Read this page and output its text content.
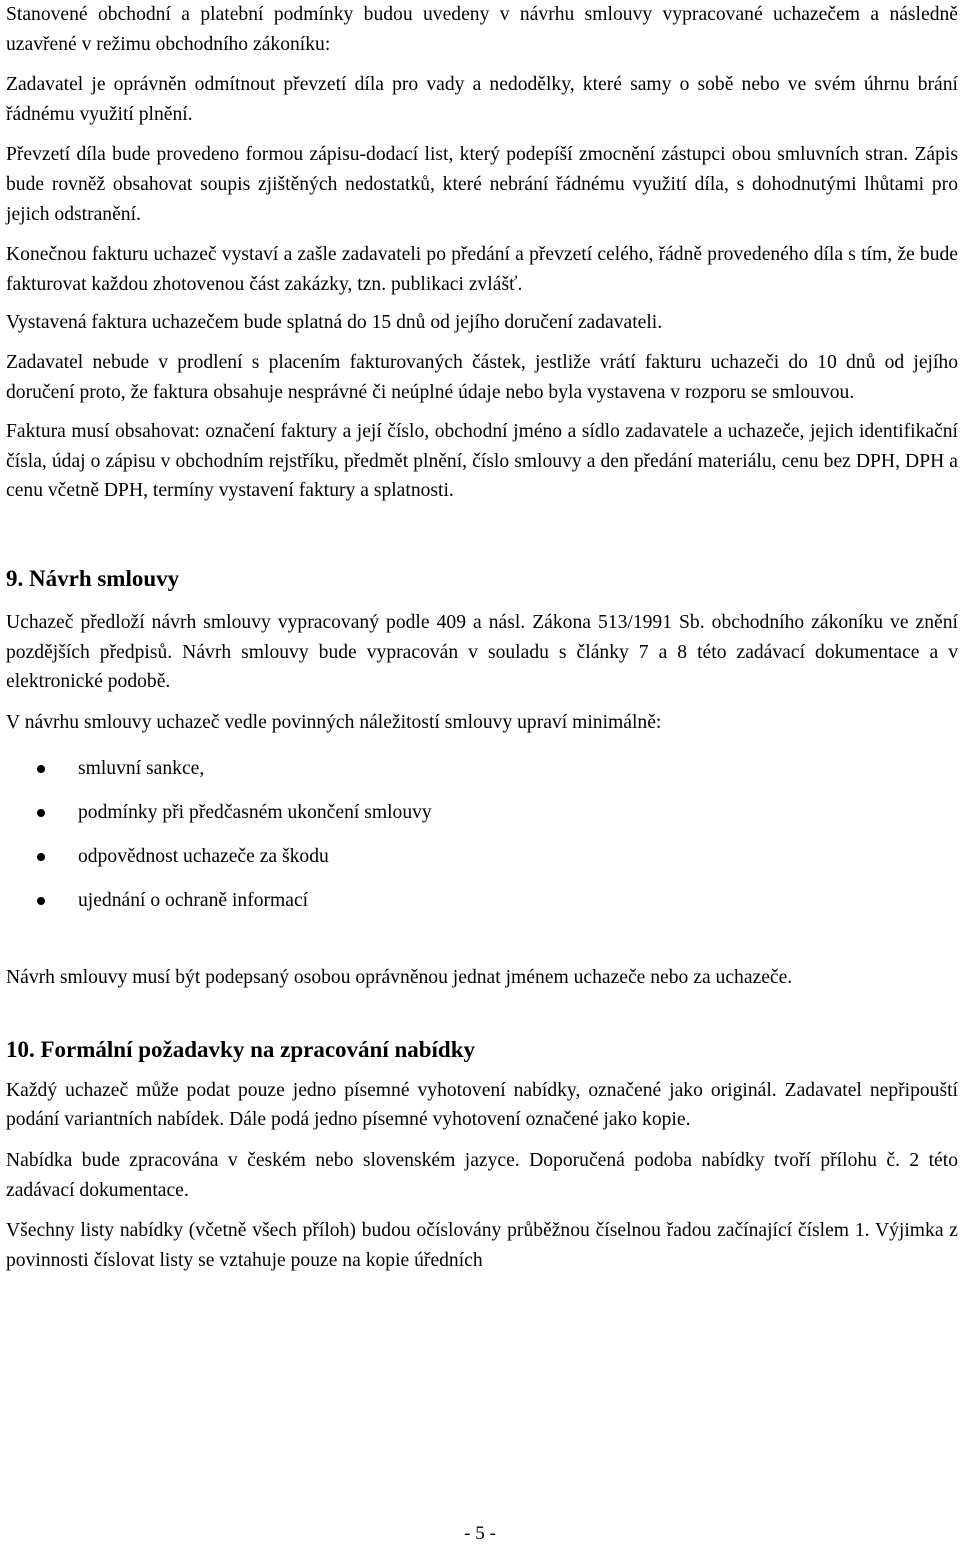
Stanovené obchodní a platební podmínky budou uvedeny v návrhu smlouvy vypracované uchazečem a následně uzavřené v režimu obchodního zákoníku:

Zadavatel je oprávněn odmítnout převzetí díla pro vady a nedodělky, které samy o sobě nebo ve svém úhrnu brání řádnému využití plnění.

Převzetí díla bude provedeno formou zápisu-dodací list, který podepíší zmocnění zástupci obou smluvních stran. Zápis bude rovněž obsahovat soupis zjištěných nedostatků, které nebrání řádnému využití díla, s dohodnutými lhůtami pro jejich odstranění.

Konečnou fakturu uchazeč vystaví a zašle zadavateli po předání a převzetí celého, řádně provedeného díla s tím, že bude fakturovat každou zhotovenou část zakázky, tzn. publikaci zvlášť.

Vystavená faktura uchazečem bude splatná do 15 dnů od jejího doručení zadavateli.

Zadavatel nebude v prodlení s placením fakturovaných částek, jestliže vrátí fakturu uchazeči do 10 dnů od jejího doručení proto, že faktura obsahuje nesprávné či neúplné údaje nebo byla vystavena v rozporu se smlouvou.

Faktura musí obsahovat: označení faktury a její číslo, obchodní jméno a sídlo zadavatele a uchazeče, jejich identifikační čísla, údaj o zápisu v obchodním rejstříku, předmět plnění, číslo smlouvy a den předání materiálu, cenu bez DPH, DPH a cenu včetně DPH, termíny vystavení faktury a splatnosti.

9. Návrh smlouvy

Uchazeč předloží návrh smlouvy vypracovaný podle 409 a násl. Zákona 513/1991 Sb. obchodního zákoníku ve znění pozdějších předpisů. Návrh smlouvy bude vypracován v souladu s články 7 a 8 této zadávací dokumentace a v elektronické podobě.

V návrhu smlouvy uchazeč vedle povinných náležitostí smlouvy upraví minimálně:

smluvní sankce,
podmínky při předčasném ukončení smlouvy
odpovědnost uchazeče za škodu
ujednání o ochraně informací

Návrh smlouvy musí být podepsaný osobou oprávněnou jednat jménem uchazeče nebo za uchazeče.

10. Formální požadavky na zpracování nabídky

Každý uchazeč může podat pouze jedno písemné vyhotovení nabídky, označené jako originál. Zadavatel nepřipouští podání variantních nabídek. Dále podá jedno písemné vyhotovení označené jako kopie.

Nabídka bude zpracována v českém nebo slovenském jazyce. Doporučená podoba nabídky tvoří přílohu č. 2 této zadávací dokumentace.

Všechny listy nabídky (včetně všech příloh) budou očíslovány průběžnou číselnou řadou začínající číslem 1. Výjimka z povinnosti číslovat listy se vztahuje pouze na kopie úředních

- 5 -
